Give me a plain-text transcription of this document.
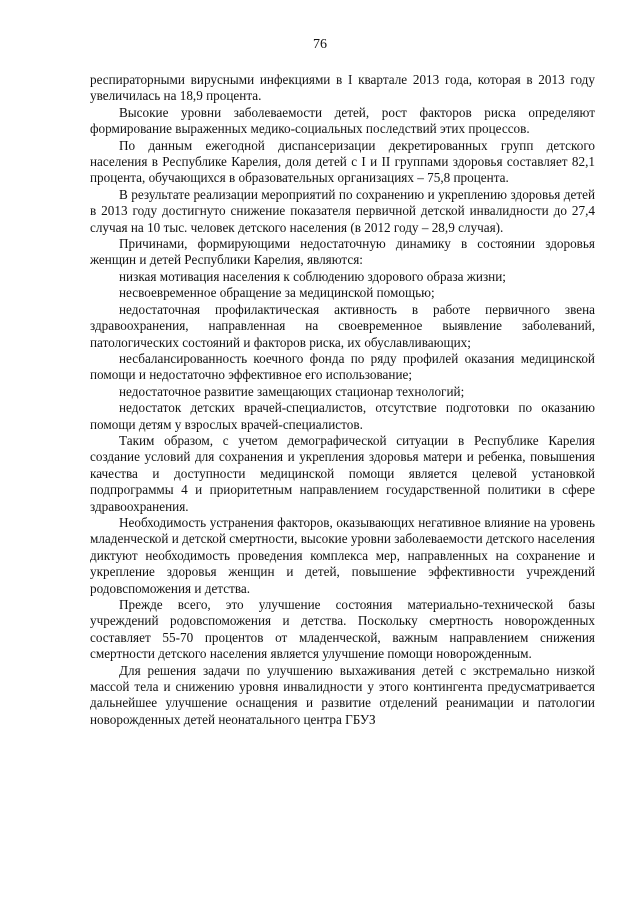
76

респираторными вирусными инфекциями в I квартале 2013 года, которая в 2013 году увеличилась на 18,9 процента.

Высокие уровни заболеваемости детей, рост факторов риска определяют формирование выраженных медико-социальных последствий этих процессов.

По данным ежегодной диспансеризации декретированных групп детского населения в Республике Карелия, доля детей с I и II группами здоровья составляет 82,1 процента, обучающихся в образовательных организациях – 75,8 процента.

В результате реализации мероприятий по сохранению и укреплению здоровья детей в 2013 году достигнуто снижение показателя первичной детской инвалидности до 27,4 случая на 10 тыс. человек детского населения (в 2012 году – 28,9 случая).

Причинами, формирующими недостаточную динамику в состоянии здоровья женщин и детей Республики Карелия, являются:

низкая мотивация населения к соблюдению здорового образа жизни;

несвоевременное обращение за медицинской помощью;

недостаточная профилактическая активность в работе первичного звена здравоохранения, направленная на своевременное выявление заболеваний, патологических состояний и факторов риска, их обуславливающих;

несбалансированность коечного фонда по ряду профилей оказания медицинской помощи и недостаточно эффективное его использование;

недостаточное развитие замещающих стационар технологий;

недостаток детских врачей-специалистов, отсутствие подготовки по оказанию помощи детям у взрослых врачей-специалистов.

Таким образом, с учетом демографической ситуации в Республике Карелия создание условий для сохранения и укрепления здоровья матери и ребенка, повышения качества и доступности медицинской помощи является целевой установкой подпрограммы 4 и приоритетным направлением государственной политики в сфере здравоохранения.

Необходимость устранения факторов, оказывающих негативное влияние на уровень младенческой и детской смертности, высокие уровни заболеваемости детского населения диктуют необходимость проведения комплекса мер, направленных на сохранение и укрепление здоровья женщин и детей, повышение эффективности учреждений родовспоможения и детства.

Прежде всего, это улучшение состояния материально-технической базы учреждений родовспоможения и детства. Поскольку смертность новорожденных составляет 55-70 процентов от младенческой, важным направлением снижения смертности детского населения является улучшение помощи новорожденным.

Для решения задачи по улучшению выхаживания детей с экстремально низкой массой тела и снижению уровня инвалидности у этого контингента предусматривается дальнейшее улучшение оснащения и развитие отделений реанимации и патологии новорожденных детей неонатального центра ГБУЗ
